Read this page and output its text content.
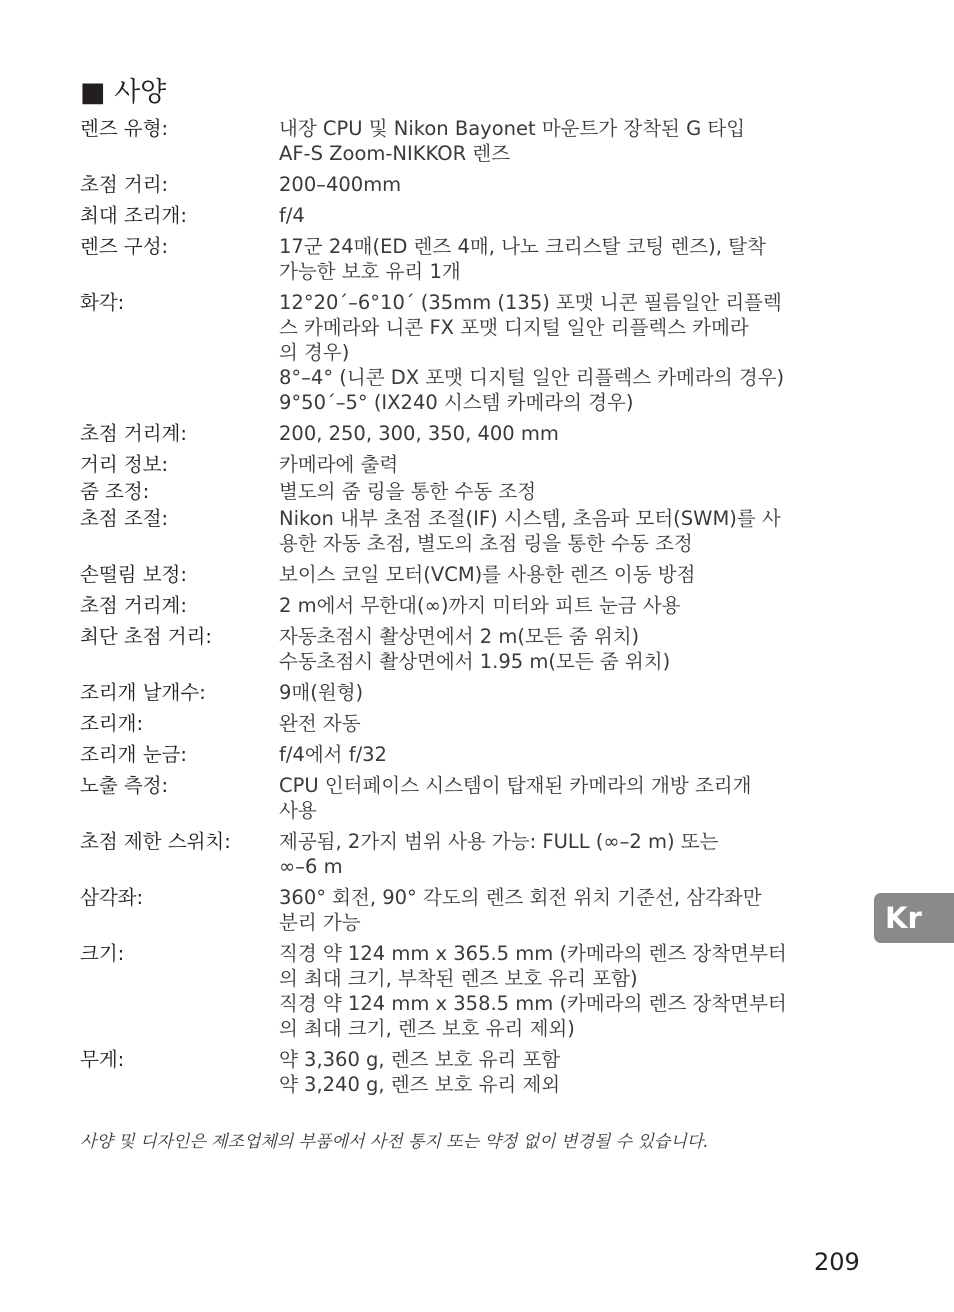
■ 사양
렌즈 유형:	내장 CPU 및 Nikon Bayonet 마운트가 장착된 G 타입
AF-S Zoom-NIKKOR 렌즈
초점 거리:	200–400mm
최대 조리개:	f/4
렌즈 구성:	17군 24매(ED 렌즈 4매, 나노 크리스탈 코팅 렌즈), 탈착
가능한 보호 유리 1개
화각:	12°20´–6°10´ (35mm (135) 포맷 니콘 필름일안 리플렉
스 카메라와 니콘 FX 포맷 디지털 일안 리플렉스 카메라
의 경우)
8°–4° (니콘 DX 포맷 디지털 일안 리플렉스 카메라의 경우)
9°50´–5° (IX240 시스템 카메라의 경우)
초점 거리계:	200, 250, 300, 350, 400 mm
거리 정보:	카메라에 출력
줌 조정:	별도의 줌 링을 통한 수동 조정
초점 조절:	Nikon 내부 초점 조절(IF) 시스템, 초음파 모터(SWM)를 사
용한 자동 초점, 별도의 초점 링을 통한 수동 조정
손떨림 보정:	보이스 코일 모터(VCM)를 사용한 렌즈 이동 방점
초점 거리계:	2 m에서 무한대(∞)까지 미터와 피트 눈금 사용
최단 초점 거리:	자동초점시 촬상면에서 2 m(모든 줌 위치)
수동초점시 촬상면에서 1.95 m(모든 줌 위치)
조리개 날개수:	9매(원형)
조리개:	완전 자동
조리개 눈금:	f/4에서 f/32
노출 측정:	CPU 인터페이스 시스템이 탑재된 카메라의 개방 조리개
사용
초점 제한 스위치:	제공됨, 2가지 범위 사용 가능: FULL (∞–2 m) 또는
∞–6 m
삼각좌:	360° 회전, 90° 각도의 렌즈 회전 위치 기준선, 삼각좌만
분리 가능
크기:	직경 약 124 mm x 365.5 mm (카메라의 렌즈 장착면부터
의 최대 크기, 부착된 렌즈 보호 유리 포함)
직경 약 124 mm x 358.5 mm (카메라의 렌즈 장착면부터
의 최대 크기, 렌즈 보호 유리 제외)
무게:	약 3,360 g, 렌즈 보호 유리 포함
약 3,240 g, 렌즈 보호 유리 제외
사양 및 디자인은 제조업체의 부품에서 사전 통지 또는 약정 없이 변경될 수 있습니다.
Kr
209
